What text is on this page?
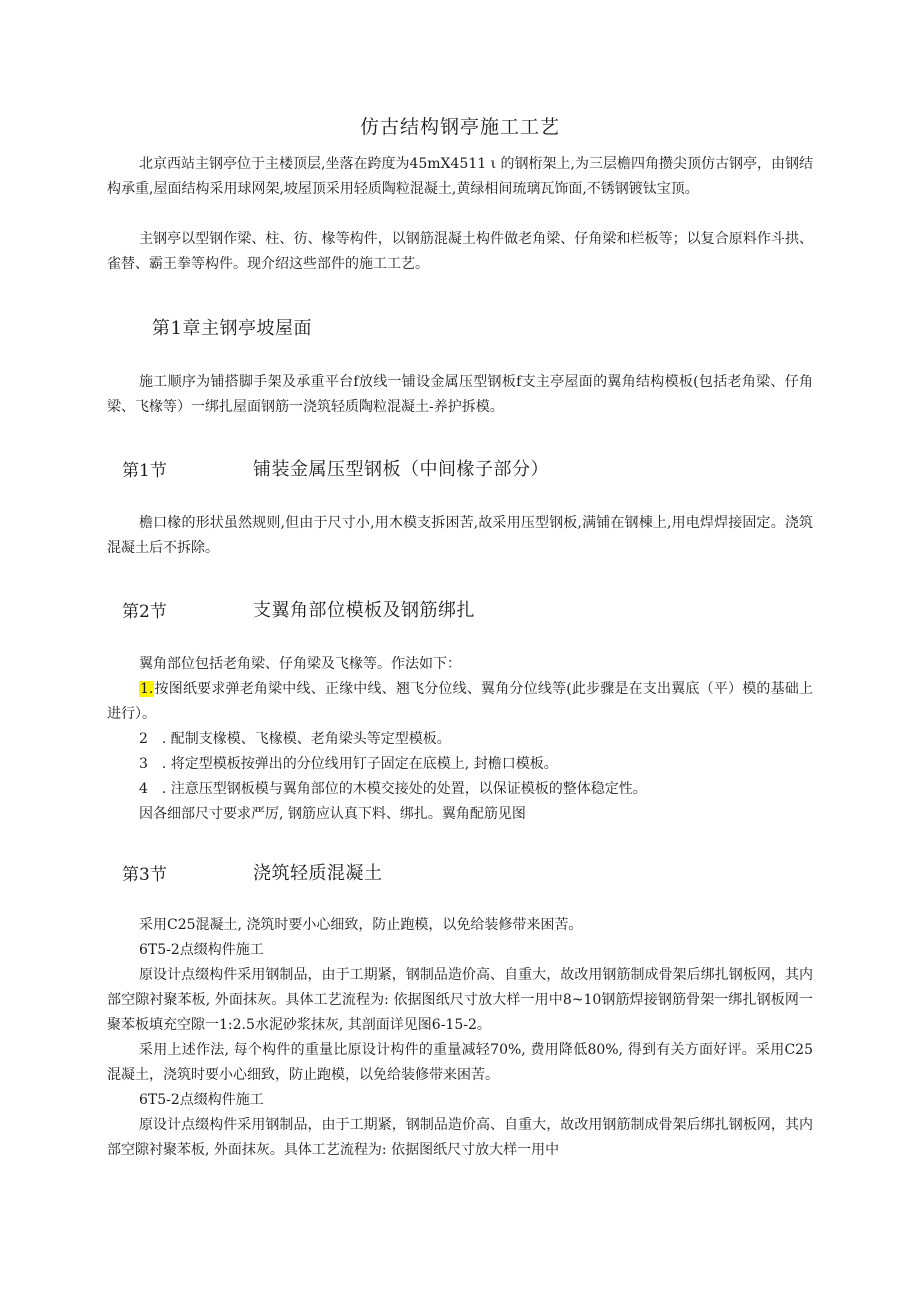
仿古结构钢亭施工工艺

北京西站主钢亭位于主楼顶层,坐落在跨度为45mX4511 ι 的钢桁架上,为三层檐四角攒尖顶仿古钢亭，由钢结构承重,屋面结构采用球网架,坡屋顶采用轻质陶粒混凝土,黄绿相间琉璃瓦饰面,不锈钢镀钛宝顶。

主钢亭以型钢作梁、柱、彷、椽等构件，以钢筋混凝土构件做老角梁、仔角梁和栏板等；以复合原料作斗拱、雀替、霸王拳等构件。现介绍这些部件的施工工艺。

第1章主钢亭坡屋面

施工顺序为铺搭脚手架及承重平台f放线一铺设金属压型钢板f支主亭屋面的翼角结构模板(包括老角梁、仔角梁、飞椽等）一绑扎屋面钢筋一浇筑轻质陶粒混凝土-养护拆模。

第1节	铺装金属压型钢板（中间椽子部分）

檐口椽的形状虽然规则,但由于尺寸小,用木模支拆困苦,故采用压型钢板,满铺在钢棟上,用电焊焊接固定。浇筑混凝土后不拆除。

第2节	支翼角部位模板及钢筋绑扎
翼角部位包括老角梁、仔角梁及飞椽等。作法如下：

1.按图纸要求弹老角梁中线、正缘中线、翘飞分位线、翼角分位线等(此步骤是在支出翼底（平）模的基础上进行）。

2　. 配制支椽模、飞椽模、老角梁头等定型模板。
3　. 将定型模板按弹出的分位线用钉子固定在底模上, 封檐口模板。
4　. 注意压型钢板模与翼角部位的木模交接处的处置，以保证模板的整体稳定性。
因各细部尺寸要求严厉, 钢筋应认真下料、绑扎。翼角配筋见图
第3节	浇筑轻质混凝土
采用C25混凝土, 浇筑时要小心细致，防止跑模，以免给装修带来困苦。
6T5-2点缀构件施工

原设计点缀构件采用钢制品，由于工期紧，钢制品造价高、自重大，故改用钢筋制成骨架后绑扎钢板网，其内部空隙衬聚苯板, 外面抹灰。具体工艺流程为: 依据图纸尺寸放大样一用中8~10钢筋焊接钢筋骨架一绑扎钢板网一聚苯板填充空隙一1:2.5水泥砂浆抹灰, 其剖面详见图6-15-2。

采用上述作法, 每个构件的重量比原设计构件的重量减轻70%, 费用降低80%, 得到有关方面好评。采用C25混凝土，浇筑时要小心细致，防止跑模，以免给装修带来困苦。

6T5-2点缀构件施工

原设计点缀构件采用钢制品，由于工期紧，钢制品造价高、自重大，故改用钢筋制成骨架后绑扎钢板网，其内部空隙衬聚苯板, 外面抹灰。具体工艺流程为: 依据图纸尺寸放大样一用中
